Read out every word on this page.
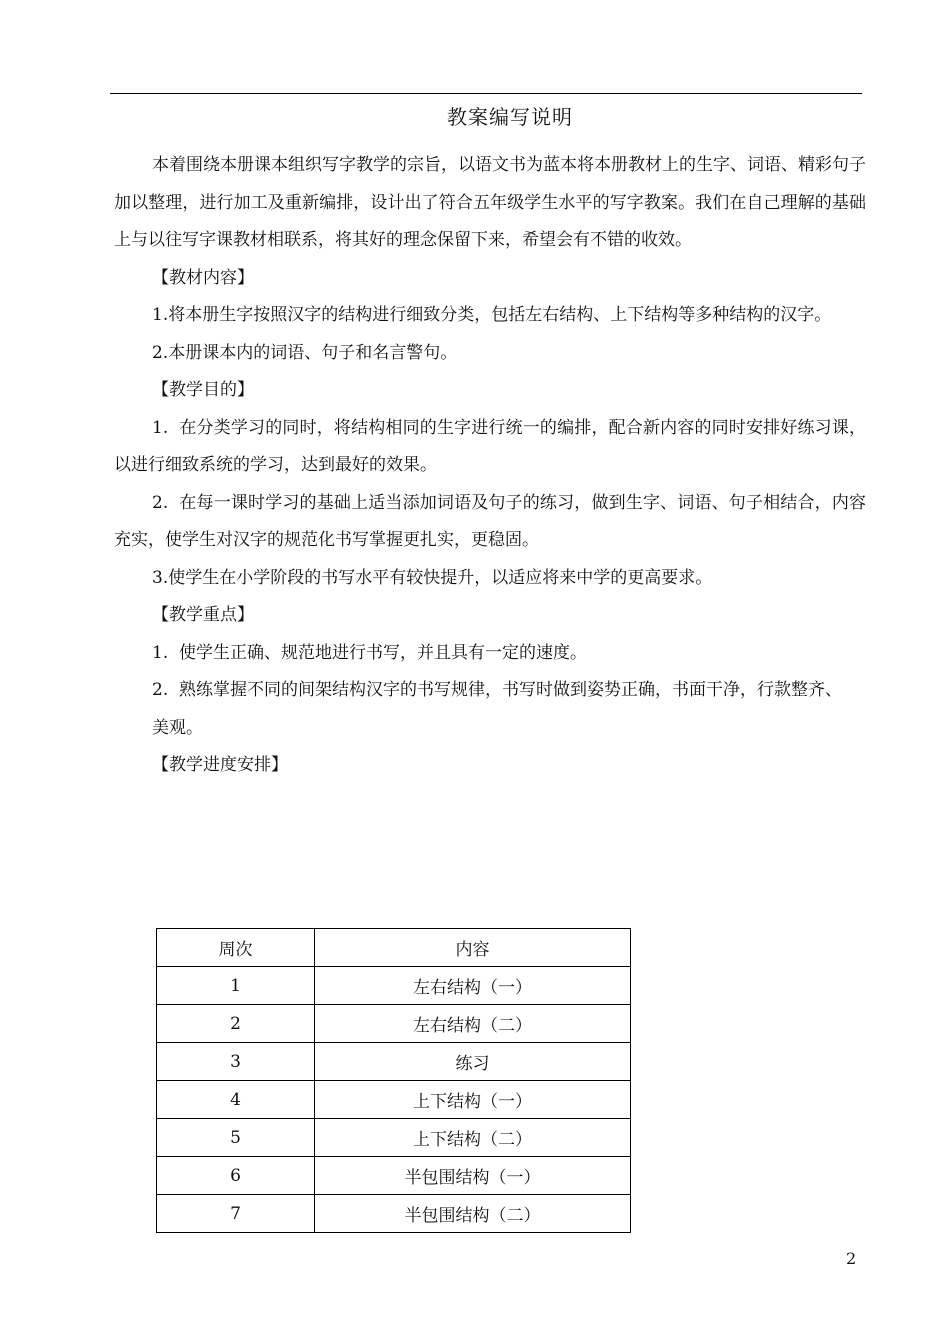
教案编写说明

本着围绕本册课本组织写字教学的宗旨，以语文书为蓝本将本册教材上的生字、词语、精彩句子加以整理，进行加工及重新编排，设计出了符合五年级学生水平的写字教案。我们在自己理解的基础上与以往写字课教材相联系，将其好的理念保留下来，希望会有不错的收效。

【教材内容】

1.将本册生字按照汉字的结构进行细致分类，包括左右结构、上下结构等多种结构的汉字。

2.本册课本内的词语、句子和名言警句。

【教学目的】

1.  在分类学习的同时，将结构相同的生字进行统一的编排，配合新内容的同时安排好练习课，以进行细致系统的学习，达到最好的效果。

2.  在每一课时学习的基础上适当添加词语及句子的练习，做到生字、词语、句子相结合，内容充实，使学生对汉字的规范化书写掌握更扎实，更稳固。

3.使学生在小学阶段的书写水平有较快提升，以适应将来中学的更高要求。

【教学重点】

1.  使学生正确、规范地进行书写，并且具有一定的速度。

2.  熟练掌握不同的间架结构汉字的书写规律，书写时做到姿势正确，书面干净，行款整齐、

美观。

【教学进度安排】

周次	内容
1	左右结构（一）
2	左右结构（二）
3	练习
4	上下结构（一）
5	上下结构（二）
6	半包围结构（一）
7	半包围结构（二）
2
